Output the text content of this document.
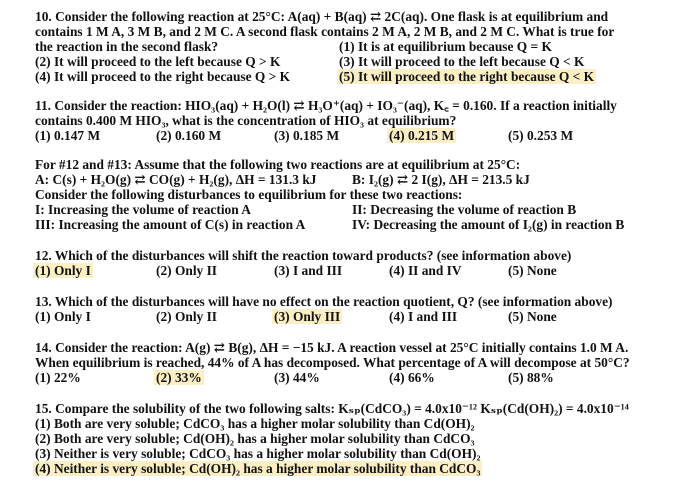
10. Consider the following reaction at 25°C: A(aq) + B(aq) ⇄ 2C(aq). One flask is at equilibrium and
contains 1 M A, 3 M B, and 2 M C. A second flask contains 2 M A, 2 M B, and 2 M C. What is true for
the reaction in the second flask?	(1) It is at equilibrium because Q = K
(2) It will proceed to the left because Q > K	(3) It will proceed to the left because Q < K
(4) It will proceed to the right because Q > K	(5) It will proceed to the right because Q < K
11. Consider the reaction: HIO₃(aq) + H₂O(l) ⇄ H₃O⁺(aq) + IO₃⁻(aq), K꜀ = 0.160. If a reaction initially
contains 0.400 M HIO₃, what is the concentration of HIO₃ at equilibrium?
(1) 0.147 M	(2) 0.160 M	(3) 0.185 M	(4) 0.215 M	(5) 0.253 M
For #12 and #13: Assume that the following two reactions are at equilibrium at 25°C:
A: C(s) + H₂O(g) ⇄ CO(g) + H₂(g), ΔH = 131.3 kJ	B: I₂(g) ⇄ 2 I(g), ΔH = 213.5 kJ
Consider the following disturbances to equilibrium for these two reactions:
I: Increasing the volume of reaction A	II: Decreasing the volume of reaction B
III: Increasing the amount of C(s) in reaction A	IV: Decreasing the amount of I₂(g) in reaction B
12. Which of the disturbances will shift the reaction toward products? (see information above)
(1) Only I	(2) Only II	(3) I and III	(4) II and IV	(5) None
13. Which of the disturbances will have no effect on the reaction quotient, Q? (see information above)
(1) Only I	(2) Only II	(3) Only III	(4) I and III	(5) None
14. Consider the reaction: A(g) ⇄ B(g), ΔH = −15 kJ. A reaction vessel at 25°C initially contains 1.0 M A.
When equilibrium is reached, 44% of A has decomposed. What percentage of A will decompose at 50°C?
(1) 22%	(2) 33%	(3) 44%	(4) 66%	(5) 88%
15. Compare the solubility of the two following salts: Kₛₚ(CdCO₃) = 4.0x10⁻¹² Kₛₚ(Cd(OH)₂) = 4.0x10⁻¹⁴
(1) Both are very soluble; CdCO₃ has a higher molar solubility than Cd(OH)₂
(2) Both are very soluble; Cd(OH)₂ has a higher molar solubility than CdCO₃
(3) Neither is very soluble; CdCO₃ has a higher molar solubility than Cd(OH)₂
(4) Neither is very soluble; Cd(OH)₂ has a higher molar solubility than CdCO₃
